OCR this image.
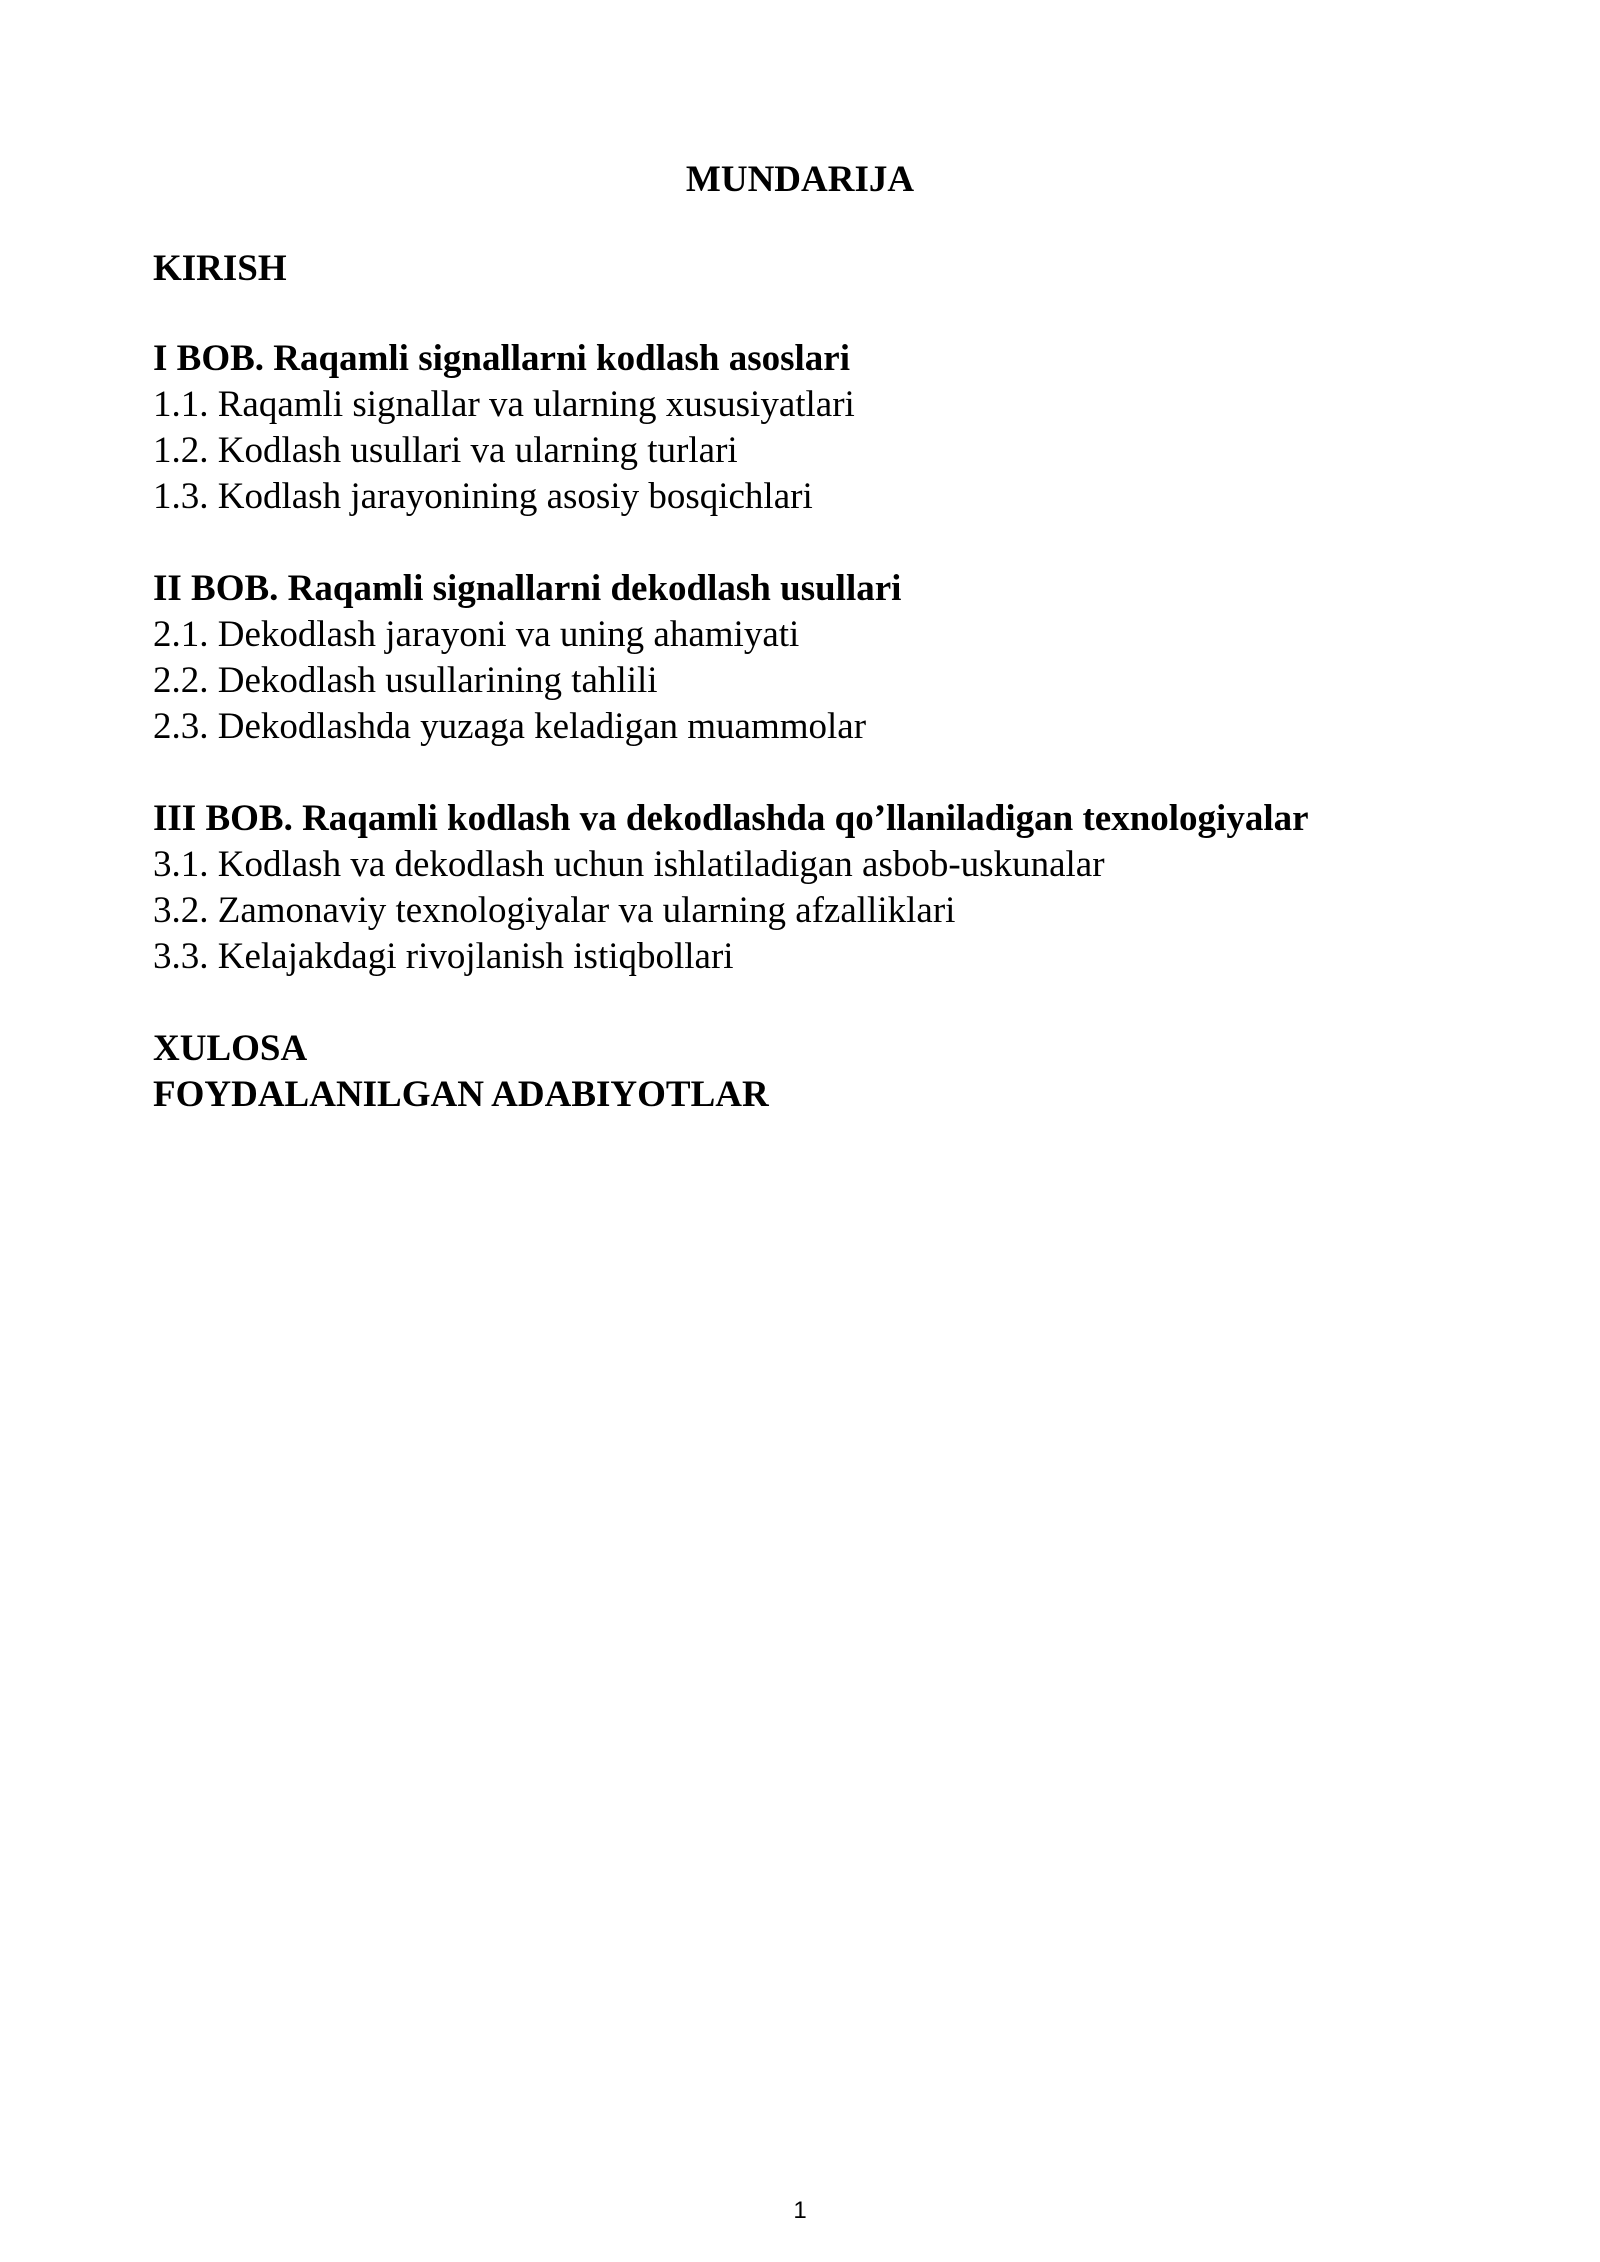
MUNDARIJA
KIRISH
I BOB. Raqamli signallarni kodlash asoslari
1.1. Raqamli signallar va ularning xususiyatlari
1.2. Kodlash usullari va ularning turlari
1.3. Kodlash jarayonining asosiy bosqichlari
II BOB. Raqamli signallarni dekodlash usullari
2.1. Dekodlash jarayoni va uning ahamiyati
2.2. Dekodlash usullarining tahlili
2.3. Dekodlashda yuzaga keladigan muammolar
III BOB. Raqamli kodlash va dekodlashda qo’llaniladigan texnologiyalar
3.1. Kodlash va dekodlash uchun ishlatiladigan asbob-uskunalar
3.2. Zamonaviy texnologiyalar va ularning afzalliklari
3.3. Kelajakdagi rivojlanish istiqbollari
XULOSA
FOYDALANILGAN ADABIYOTLAR
1
